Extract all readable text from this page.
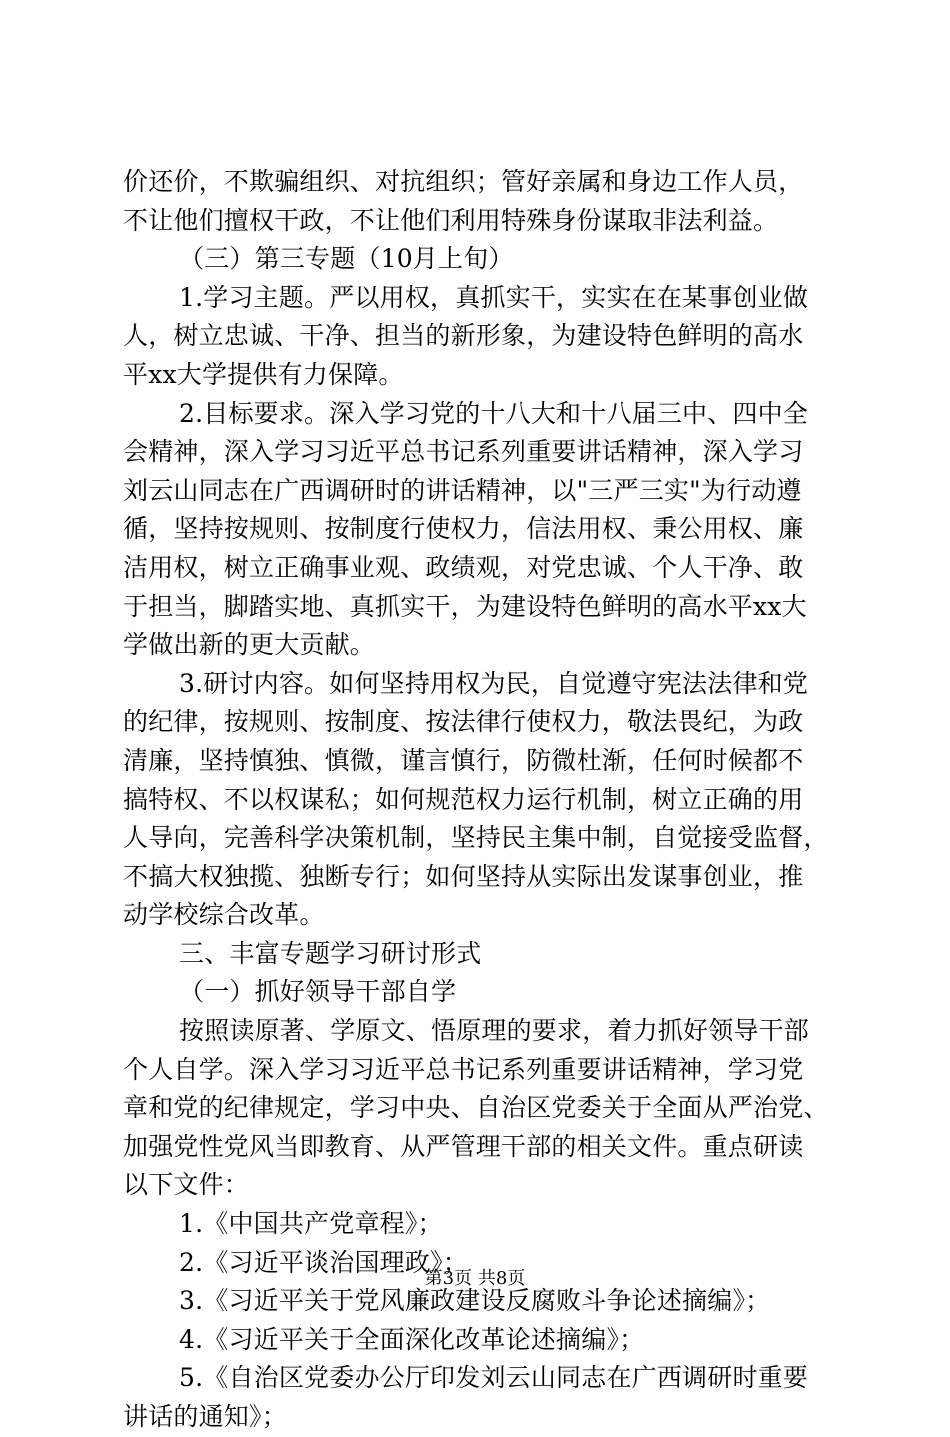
价还价，不欺骗组织、对抗组织；管好亲属和身边工作人员，
不让他们擅权干政，不让他们利用特殊身份谋取非法利益。
（三）第三专题（10月上旬）
1.学习主题。严以用权，真抓实干，实实在在某事创业做
人，树立忠诚、干净、担当的新形象，为建设特色鲜明的高水
平xx大学提供有力保障。
2.目标要求。深入学习党的十八大和十八届三中、四中全
会精神，深入学习习近平总书记系列重要讲话精神，深入学习
刘云山同志在广西调研时的讲话精神，以"三严三实"为行动遵
循，坚持按规则、按制度行使权力，信法用权、秉公用权、廉
洁用权，树立正确事业观、政绩观，对党忠诚、个人干净、敢
于担当，脚踏实地、真抓实干，为建设特色鲜明的高水平xx大
学做出新的更大贡献。
3.研讨内容。如何坚持用权为民，自觉遵守宪法法律和党
的纪律，按规则、按制度、按法律行使权力，敬法畏纪，为政
清廉，坚持慎独、慎微，谨言慎行，防微杜渐，任何时候都不
搞特权、不以权谋私；如何规范权力运行机制，树立正确的用
人导向，完善科学决策机制，坚持民主集中制，自觉接受监督，
不搞大权独揽、独断专行；如何坚持从实际出发谋事创业，推
动学校综合改革。
三、丰富专题学习研讨形式
（一）抓好领导干部自学
按照读原著、学原文、悟原理的要求，着力抓好领导干部
个人自学。深入学习习近平总书记系列重要讲话精神，学习党
章和党的纪律规定，学习中央、自治区党委关于全面从严治党、
加强党性党风当即教育、从严管理干部的相关文件。重点研读
以下文件：
1.《中国共产党章程》；
2.《习近平谈治国理政》；
3.《习近平关于党风廉政建设反腐败斗争论述摘编》；
4.《习近平关于全面深化改革论述摘编》；
5.《自治区党委办公厅印发刘云山同志在广西调研时重要
讲话的通知》；
第3页 共8页
